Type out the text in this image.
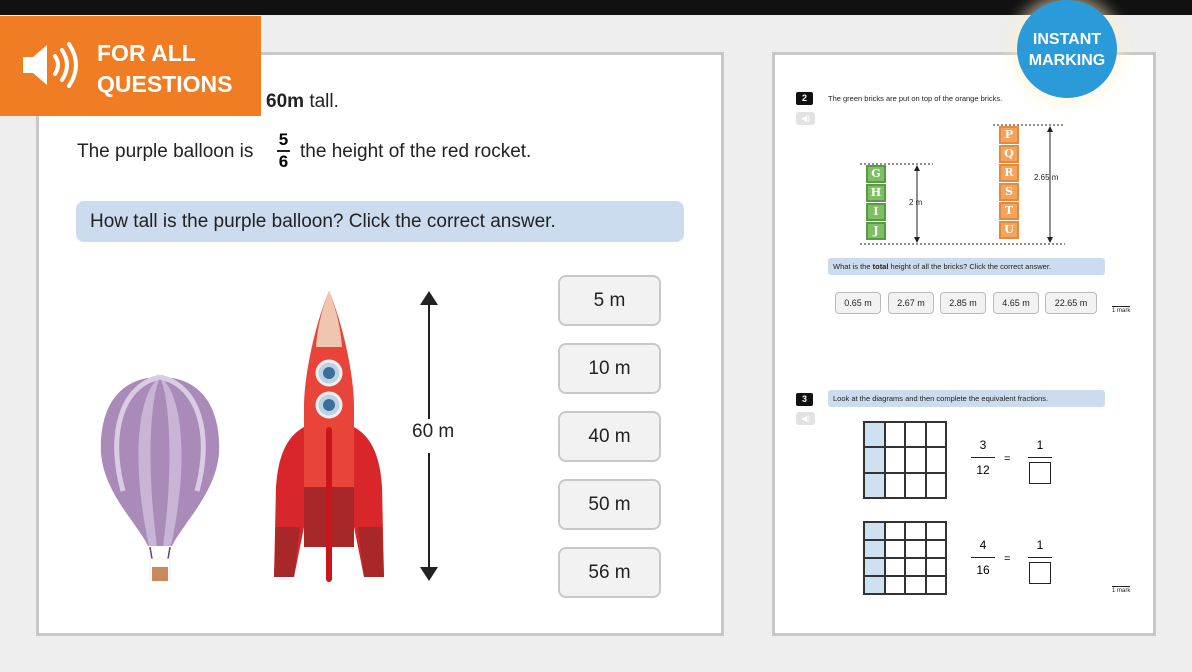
FOR ALL
QUESTIONS
INSTANT
MARKING
60m tall.
The purple balloon is
5
6 the height of the red rocket.
How tall is the purple balloon? Click the correct answer.
60 m
5 m
10 m
40 m
50 m
56 m
2	The green bricks are put on top of the orange bricks.
◀)
G
H
I
J
P
Q
R
S
T
U
2 m
2.65 m
What is the total height of all the bricks? Click the correct answer.
0.65 m	2.67 m	2.85 m	4.65 m	22.65 m
1 mark
3	Look at the diagrams and then complete the equivalent fractions.
◀)
3
12
=
1
4
16
=
1
1 mark
